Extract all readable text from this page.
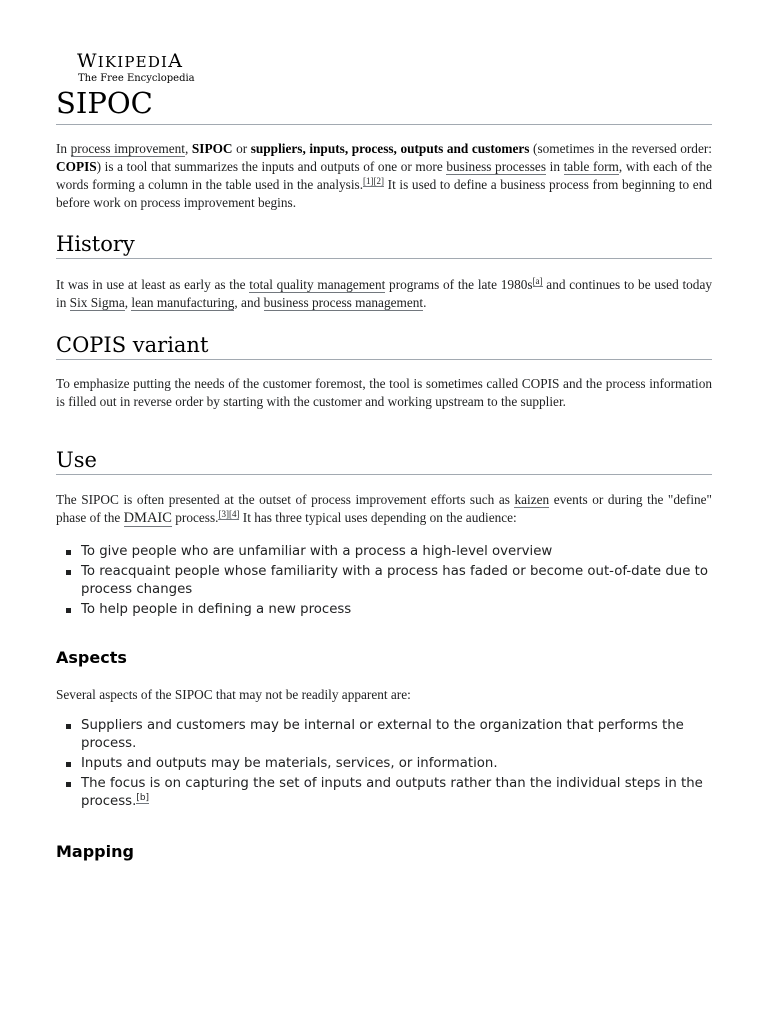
WIKIPEDIA
The Free Encyclopedia
SIPOC

In process improvement, SIPOC or suppliers, inputs, process, outputs and customers (sometimes in the reversed order: COPIS) is a tool that summarizes the inputs and outputs of one or more business processes in table form, with each of the words forming a column in the table used in the analysis.[1][2] It is used to define a business process from beginning to end before work on process improvement begins.

History

It was in use at least as early as the total quality management programs of the late 1980s[a] and continues to be used today in Six Sigma, lean manufacturing, and business process management.

COPIS variant

To emphasize putting the needs of the customer foremost, the tool is sometimes called COPIS and the process information is filled out in reverse order by starting with the customer and working upstream to the supplier.

Use

The SIPOC is often presented at the outset of process improvement efforts such as kaizen events or during the "define" phase of the DMAIC process.[3][4] It has three typical uses depending on the audience:

To give people who are unfamiliar with a process a high-level overview
To reacquaint people whose familiarity with a process has faded or become out-of-date due to process changes
To help people in defining a new process
Aspects

Several aspects of the SIPOC that may not be readily apparent are:

Suppliers and customers may be internal or external to the organization that performs the process.
Inputs and outputs may be materials, services, or information.
The focus is on capturing the set of inputs and outputs rather than the individual steps in the process.[b]
Mapping
